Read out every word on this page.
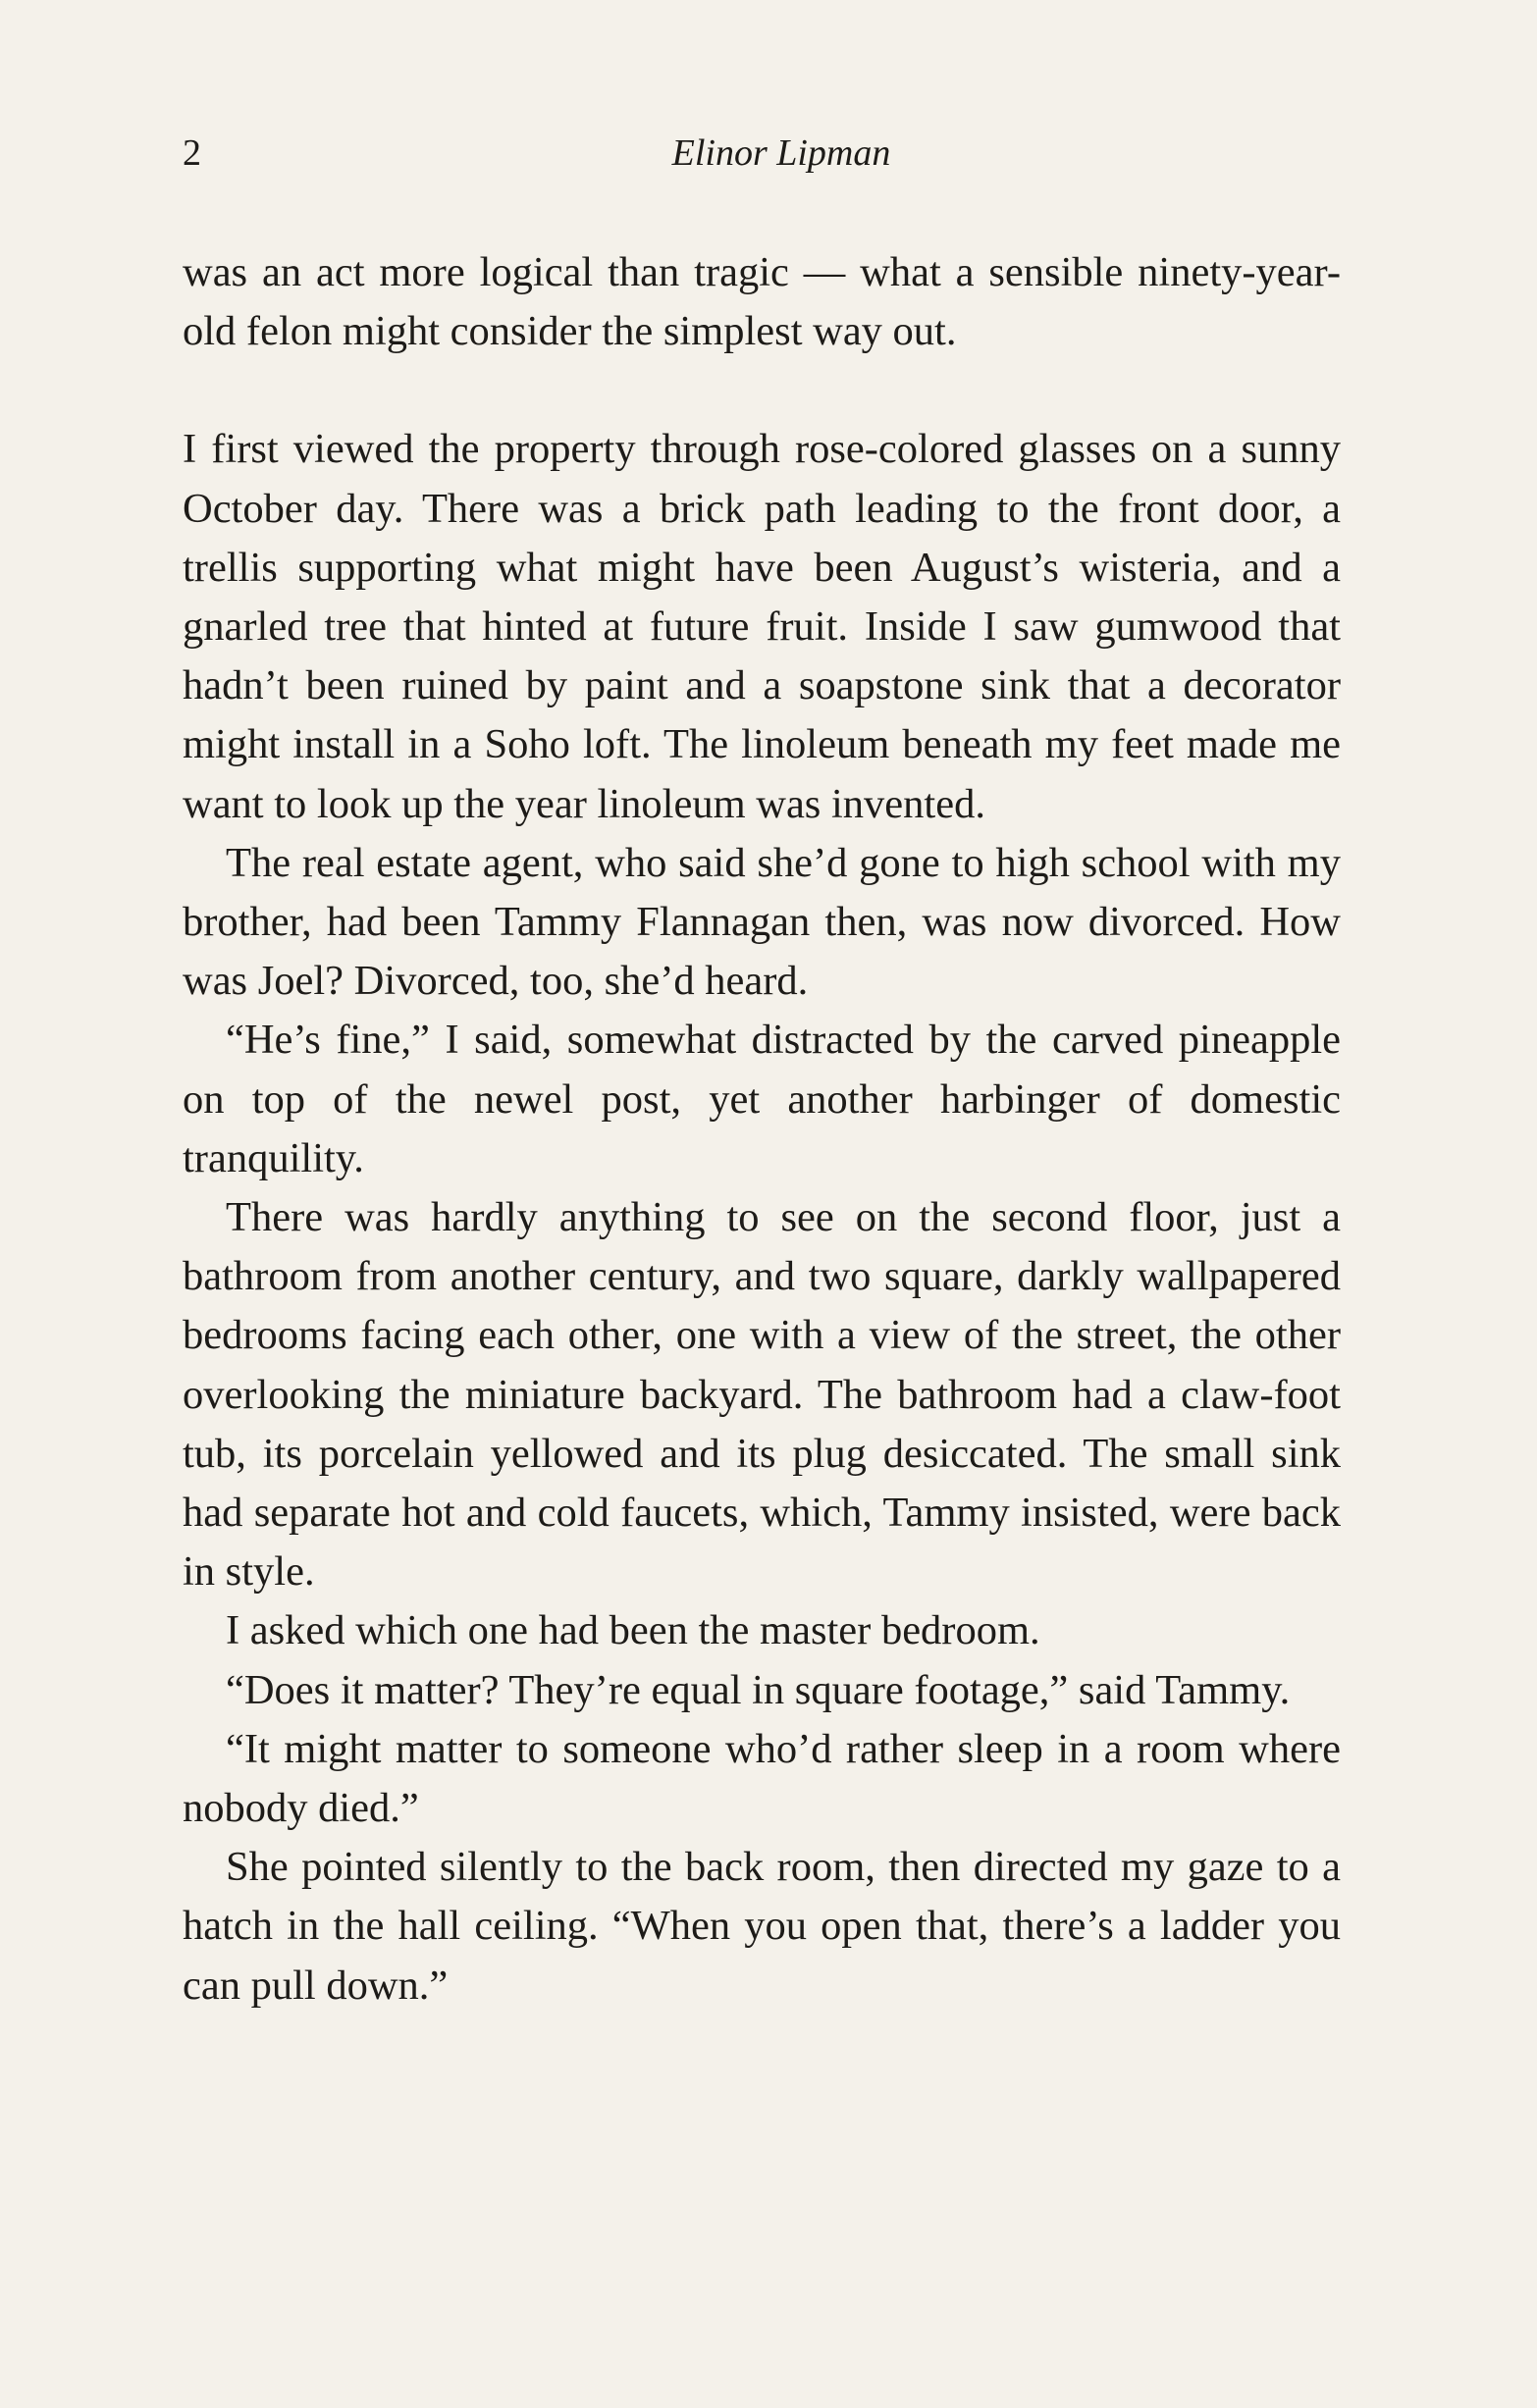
2	Elinor Lipman

was an act more logical than tragic — what a sensible ninety-year-old felon might consider the simplest way out.

I first viewed the property through rose-colored glasses on a sunny October day. There was a brick path leading to the front door, a trellis supporting what might have been August’s wisteria, and a gnarled tree that hinted at future fruit. Inside I saw gumwood that hadn’t been ruined by paint and a soapstone sink that a decorator might install in a Soho loft. The linoleum beneath my feet made me want to look up the year linoleum was invented.

The real estate agent, who said she’d gone to high school with my brother, had been Tammy Flannagan then, was now divorced. How was Joel? Divorced, too, she’d heard.

“He’s fine,” I said, somewhat distracted by the carved pineapple on top of the newel post, yet another harbinger of domestic tranquility.

There was hardly anything to see on the second floor, just a bathroom from another century, and two square, darkly wallpapered bedrooms facing each other, one with a view of the street, the other overlooking the miniature backyard. The bathroom had a claw-foot tub, its porcelain yellowed and its plug desiccated. The small sink had separate hot and cold faucets, which, Tammy insisted, were back in style.

I asked which one had been the master bedroom.

“Does it matter? They’re equal in square footage,” said Tammy.

“It might matter to someone who’d rather sleep in a room where nobody died.”

She pointed silently to the back room, then directed my gaze to a hatch in the hall ceiling. “When you open that, there’s a ladder you can pull down.”
